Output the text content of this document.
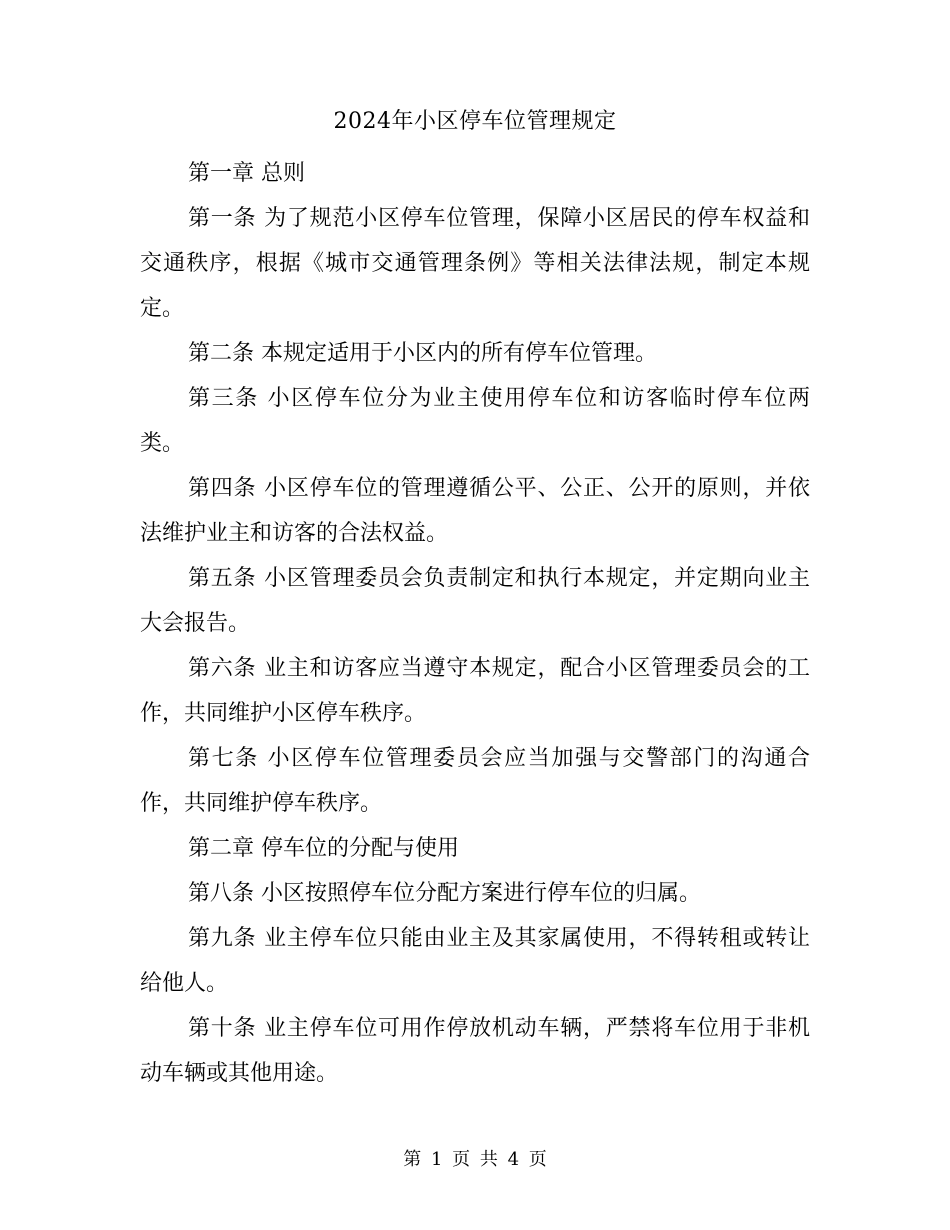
2024年小区停车位管理规定

第一章 总则

第一条 为了规范小区停车位管理，保障小区居民的停车权益和交通秩序，根据《城市交通管理条例》等相关法律法规，制定本规定。

第二条 本规定适用于小区内的所有停车位管理。

第三条 小区停车位分为业主使用停车位和访客临时停车位两类。

第四条 小区停车位的管理遵循公平、公正、公开的原则，并依法维护业主和访客的合法权益。

第五条 小区管理委员会负责制定和执行本规定，并定期向业主大会报告。

第六条 业主和访客应当遵守本规定，配合小区管理委员会的工作，共同维护小区停车秩序。

第七条 小区停车位管理委员会应当加强与交警部门的沟通合作，共同维护停车秩序。

第二章 停车位的分配与使用

第八条 小区按照停车位分配方案进行停车位的归属。

第九条 业主停车位只能由业主及其家属使用，不得转租或转让给他人。

第十条 业主停车位可用作停放机动车辆，严禁将车位用于非机动车辆或其他用途。

第 1 页 共 4 页
